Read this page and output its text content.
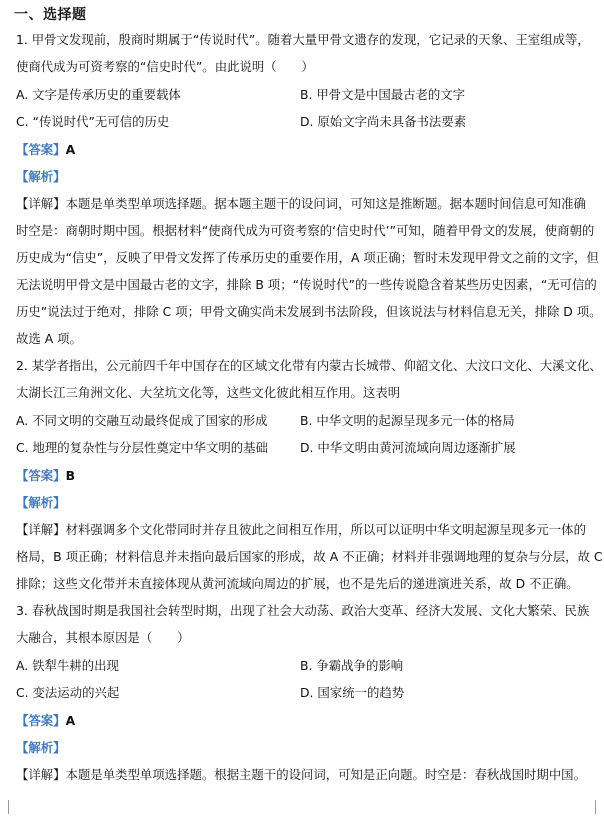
一、选择题
1. 甲骨文发现前，殷商时期属于“传说时代”。随着大量甲骨文遗存的发现，它记录的天象、王室组成等，
使商代成为可资考察的“信史时代”。由此说明（　　）
A. 文字是传承历史的重要载体	B. 甲骨文是中国最古老的文字
C. “传说时代”无可信的历史	D. 原始文字尚未具备书法要素
【答案】A
【解析】
【详解】本题是单类型单项选择题。据本题主题干的设问词，可知这是推断题。据本题时间信息可知准确
时空是：商朝时期中国。根据材料“使商代成为可资考察的‘信史时代’”可知，随着甲骨文的发展，使商朝的
历史成为“信史”，反映了甲骨文发挥了传承历史的重要作用，A 项正确；暂时未发现甲骨文之前的文字，但
无法说明甲骨文是中国最古老的文字，排除 B 项；“传说时代”的一些传说隐含着某些历史因素，“无可信的
历史”说法过于绝对，排除 C 项；甲骨文确实尚未发展到书法阶段，但该说法与材料信息无关，排除 D 项。
故选 A 项。
2. 某学者指出，公元前四千年中国存在的区域文化带有内蒙古长城带、仰韶文化、大汶口文化、大溪文化、
太湖长江三角洲文化、大坌坑文化等，这些文化彼此相互作用。这表明
A. 不同文明的交融互动最终促成了国家的形成	B. 中华文明的起源呈现多元一体的格局
C. 地理的复杂性与分层性奠定中华文明的基础	D. 中华文明由黄河流域向周边逐渐扩展
【答案】B
【解析】
【详解】材料强调多个文化带同时并存且彼此之间相互作用，所以可以证明中华文明起源呈现多元一体的
格局，B 项正确；材料信息并未指向最后国家的形成，故 A 不正确；材料并非强调地理的复杂与分层，故 C
排除；这些文化带并未直接体现从黄河流域向周边的扩展，也不是先后的递进演进关系，故 D 不正确。
3. 春秋战国时期是我国社会转型时期，出现了社会大动荡、政治大变革、经济大发展、文化大繁荣、民族
大融合，其根本原因是（　　）
A. 铁犁牛耕的出现	B. 争霸战争的影响
C. 变法运动的兴起	D. 国家统一的趋势
【答案】A
【解析】
【详解】本题是单类型单项选择题。根据主题干的设问词，可知是正向题。时空是：春秋战国时期中国。
